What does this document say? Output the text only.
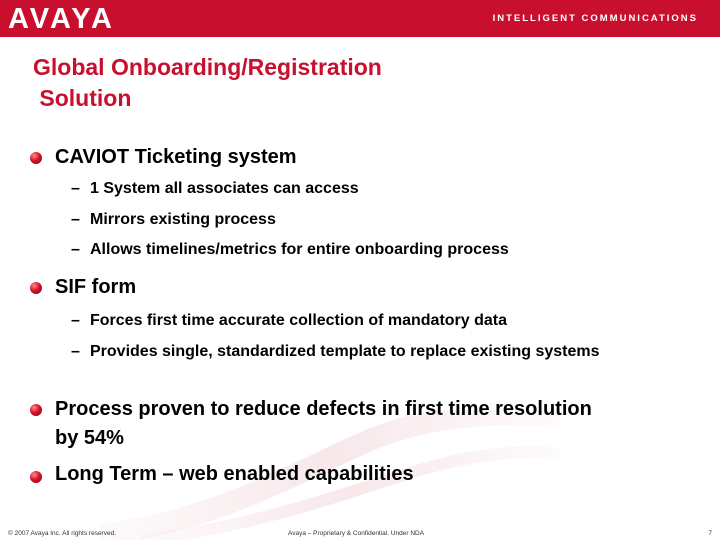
AVAYA	INTELLIGENT COMMUNICATIONS
Global Onboarding/Registration
Solution
CAVIOT Ticketing system
– 1 System all associates can access
– Mirrors existing process
– Allows timelines/metrics for entire onboarding process
SIF form
– Forces first time accurate collection of mandatory data
– Provides single, standardized template to replace existing systems
Process proven to reduce defects in first time resolution by 54%
Long Term – web enabled capabilities
© 2007 Avaya Inc. All rights reserved.	Avaya – Proprietary & Confidential. Under NDA	7
